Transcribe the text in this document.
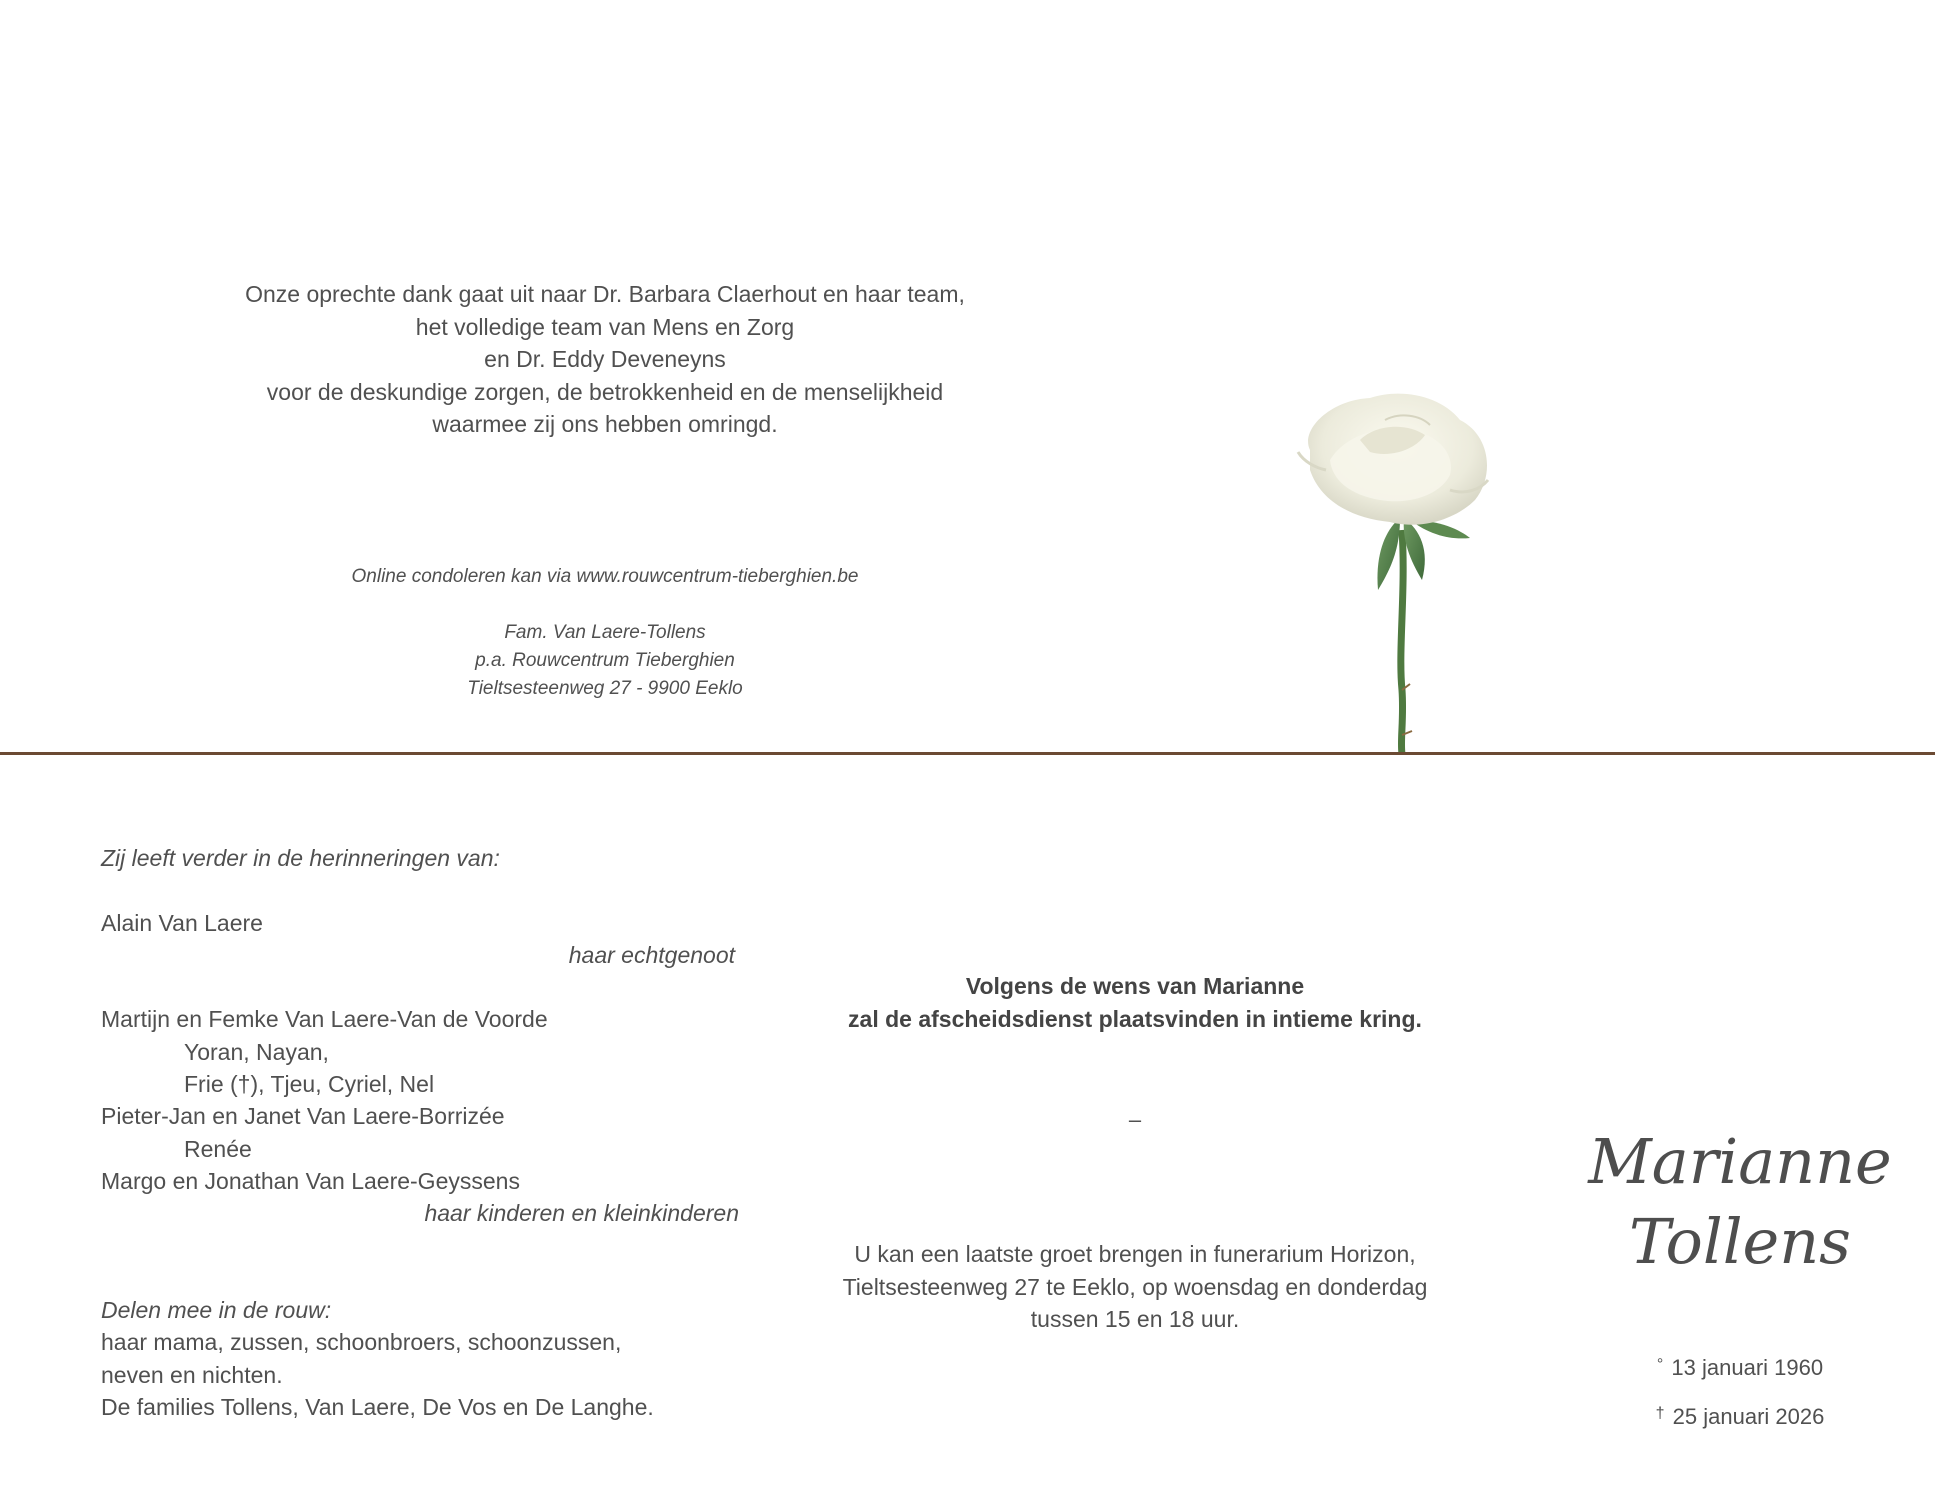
Onze oprechte dank gaat uit naar Dr. Barbara Claerhout en haar team,
het volledige team van Mens en Zorg
en Dr. Eddy Deveneyns
voor de deskundige zorgen, de betrokkenheid en de menselijkheid
waarmee zij ons hebben omringd.
Online condoleren kan via www.rouwcentrum-tieberghien.be
Fam. Van Laere-Tollens
p.a. Rouwcentrum Tieberghien
Tieltsesteenweg 27 - 9900 Eeklo
Zij leeft verder in de herinneringen van:
Alain Van Laere
haar echtgenoot
Martijn en Femke Van Laere-Van de Voorde
Yoran, Nayan,
Frie (†), Tjeu, Cyriel, Nel
Pieter-Jan en Janet Van Laere-Borrizée
Renée
Margo en Jonathan Van Laere-Geyssens
haar kinderen en kleinkinderen
Delen mee in de rouw:
haar mama, zussen, schoonbroers, schoonzussen,
neven en nichten.
De families Tollens, Van Laere, De Vos en De Langhe.
Volgens de wens van Marianne
zal de afscheidsdienst plaatsvinden in intieme kring.
–
U kan een laatste groet brengen in funerarium Horizon,
Tieltsesteenweg 27 te Eeklo, op woensdag en donderdag
tussen 15 en 18 uur.
Marianne
Tollens
° 13 januari 1960
† 25 januari 2026
